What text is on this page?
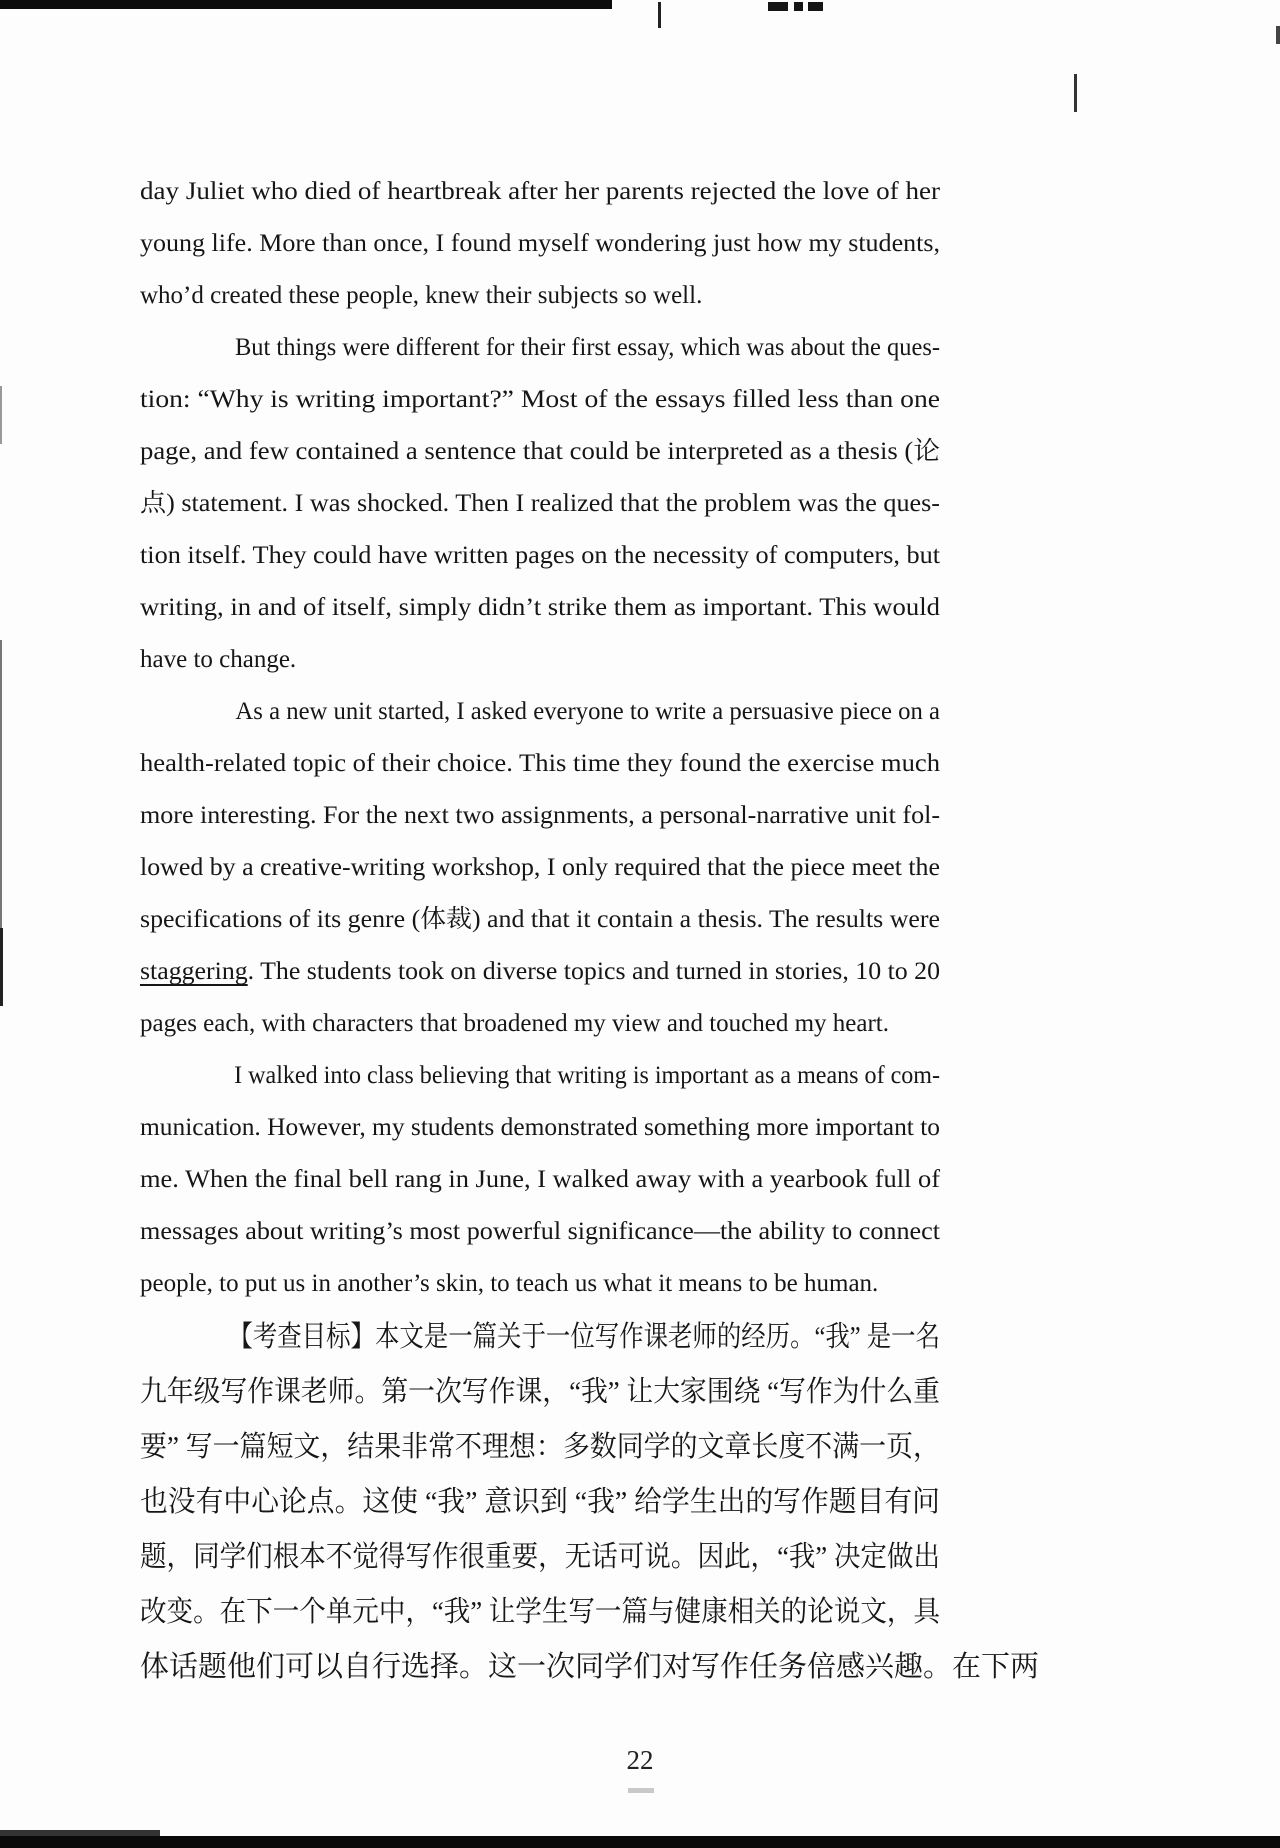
day Juliet who died of heartbreak after her parents rejected the love of her
young life. More than once, I found myself wondering just how my students,
who’d created these people, knew their subjects so well.
But things were different for their first essay, which was about the ques-
tion: “Why is writing important?” Most of the essays filled less than one
page, and few contained a sentence that could be interpreted as a thesis (论
点) statement. I was shocked. Then I realized that the problem was the ques-
tion itself. They could have written pages on the necessity of computers, but
writing, in and of itself, simply didn’t strike them as important. This would
have to change.
As a new unit started, I asked everyone to write a persuasive piece on a
health-related topic of their choice. This time they found the exercise much
more interesting. For the next two assignments, a personal-narrative unit fol-
lowed by a creative-writing workshop, I only required that the piece meet the
specifications of its genre (体裁) and that it contain a thesis. The results were
staggering. The students took on diverse topics and turned in stories, 10 to 20
pages each, with characters that broadened my view and touched my heart.
I walked into class believing that writing is important as a means of com-
munication. However, my students demonstrated something more important to
me. When the final bell rang in June, I walked away with a yearbook full of
messages about writing’s most powerful significance—the ability to connect
people, to put us in another’s skin, to teach us what it means to be human.
【考查目标】本文是一篇关于一位写作课老师的经历。“我” 是一名
九年级写作课老师。第一次写作课，“我” 让大家围绕 “写作为什么重
要” 写一篇短文，结果非常不理想：多数同学的文章长度不满一页，
也没有中心论点。这使 “我” 意识到 “我” 给学生出的写作题目有问
题，同学们根本不觉得写作很重要，无话可说。因此，“我” 决定做出
改变。在下一个单元中，“我” 让学生写一篇与健康相关的论说文，具
体话题他们可以自行选择。这一次同学们对写作任务倍感兴趣。在下两
22
